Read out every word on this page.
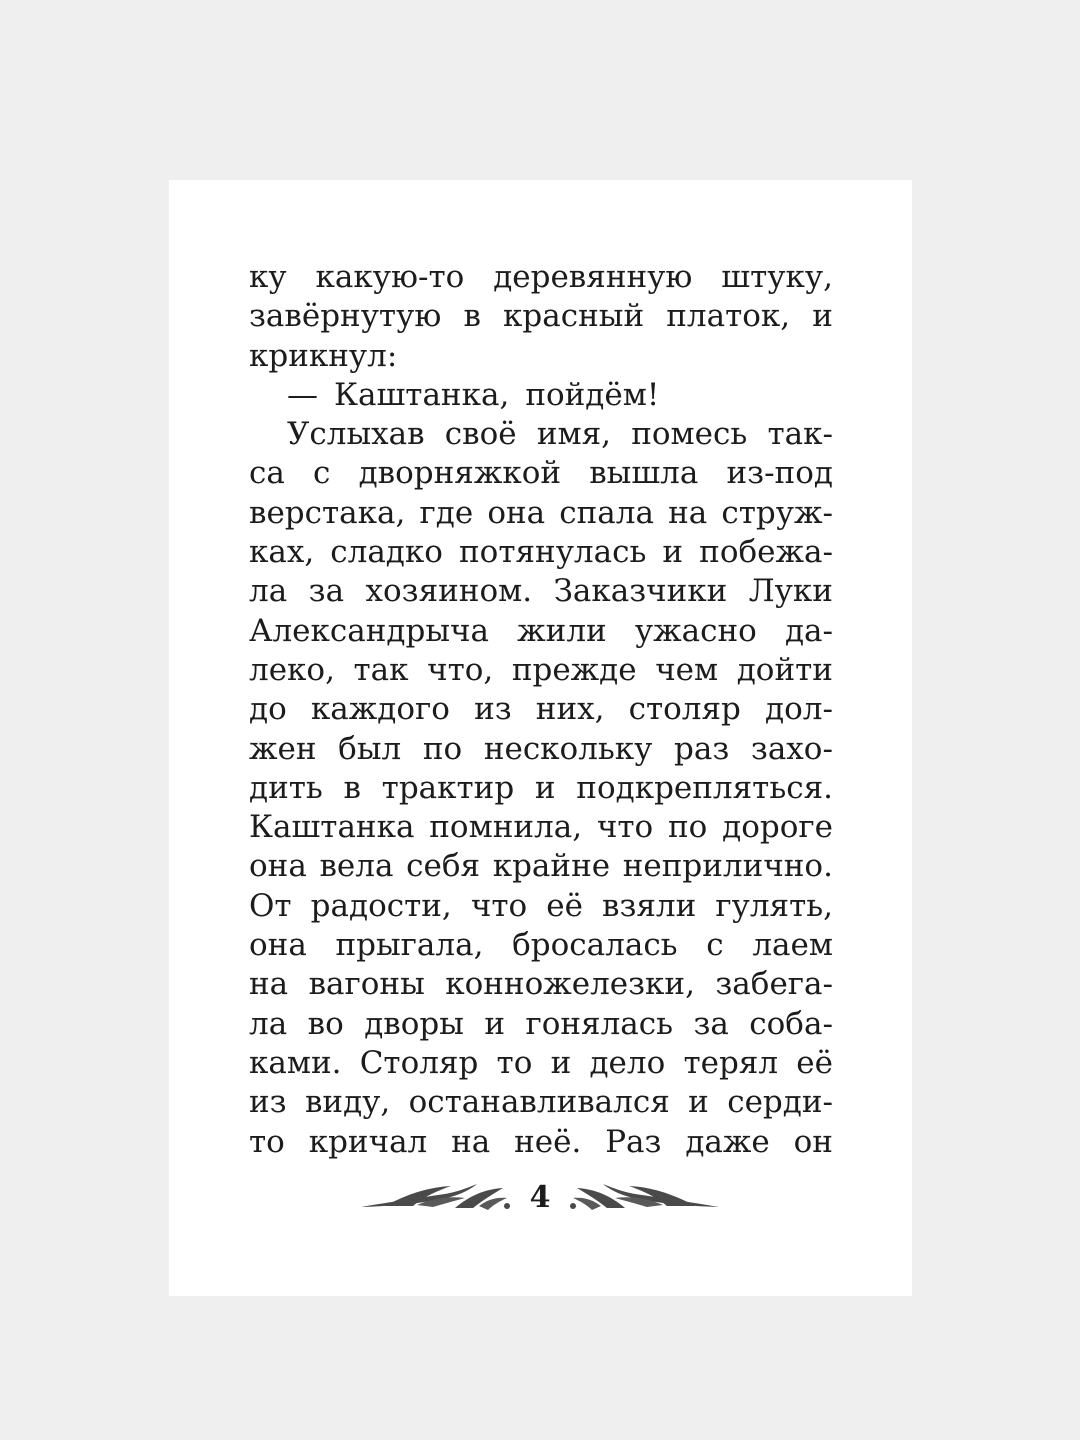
ку какую-то деревянную штуку,
завёрнутую в красный платок, и
крикнул:
— Каштанка, пойдём!
Услыхав своё имя, помесь так-
са с дворняжкой вышла из-под
верстака, где она спала на струж-
ках, сладко потянулась и побежа-
ла за хозяином. Заказчики Луки
Александрыча жили ужасно да-
леко, так что, прежде чем дойти
до каждого из них, столяр дол-
жен был по нескольку раз захо-
дить в трактир и подкрепляться.
Каштанка помнила, что по дороге
она вела себя крайне неприлично.
От радости, что её взяли гулять,
она прыгала, бросалась с лаем
на вагоны конножелезки, забега-
ла во дворы и гонялась за соба-
ками. Столяр то и дело терял её
из виду, останавливался и серди-
то кричал на неё. Раз даже он
4
